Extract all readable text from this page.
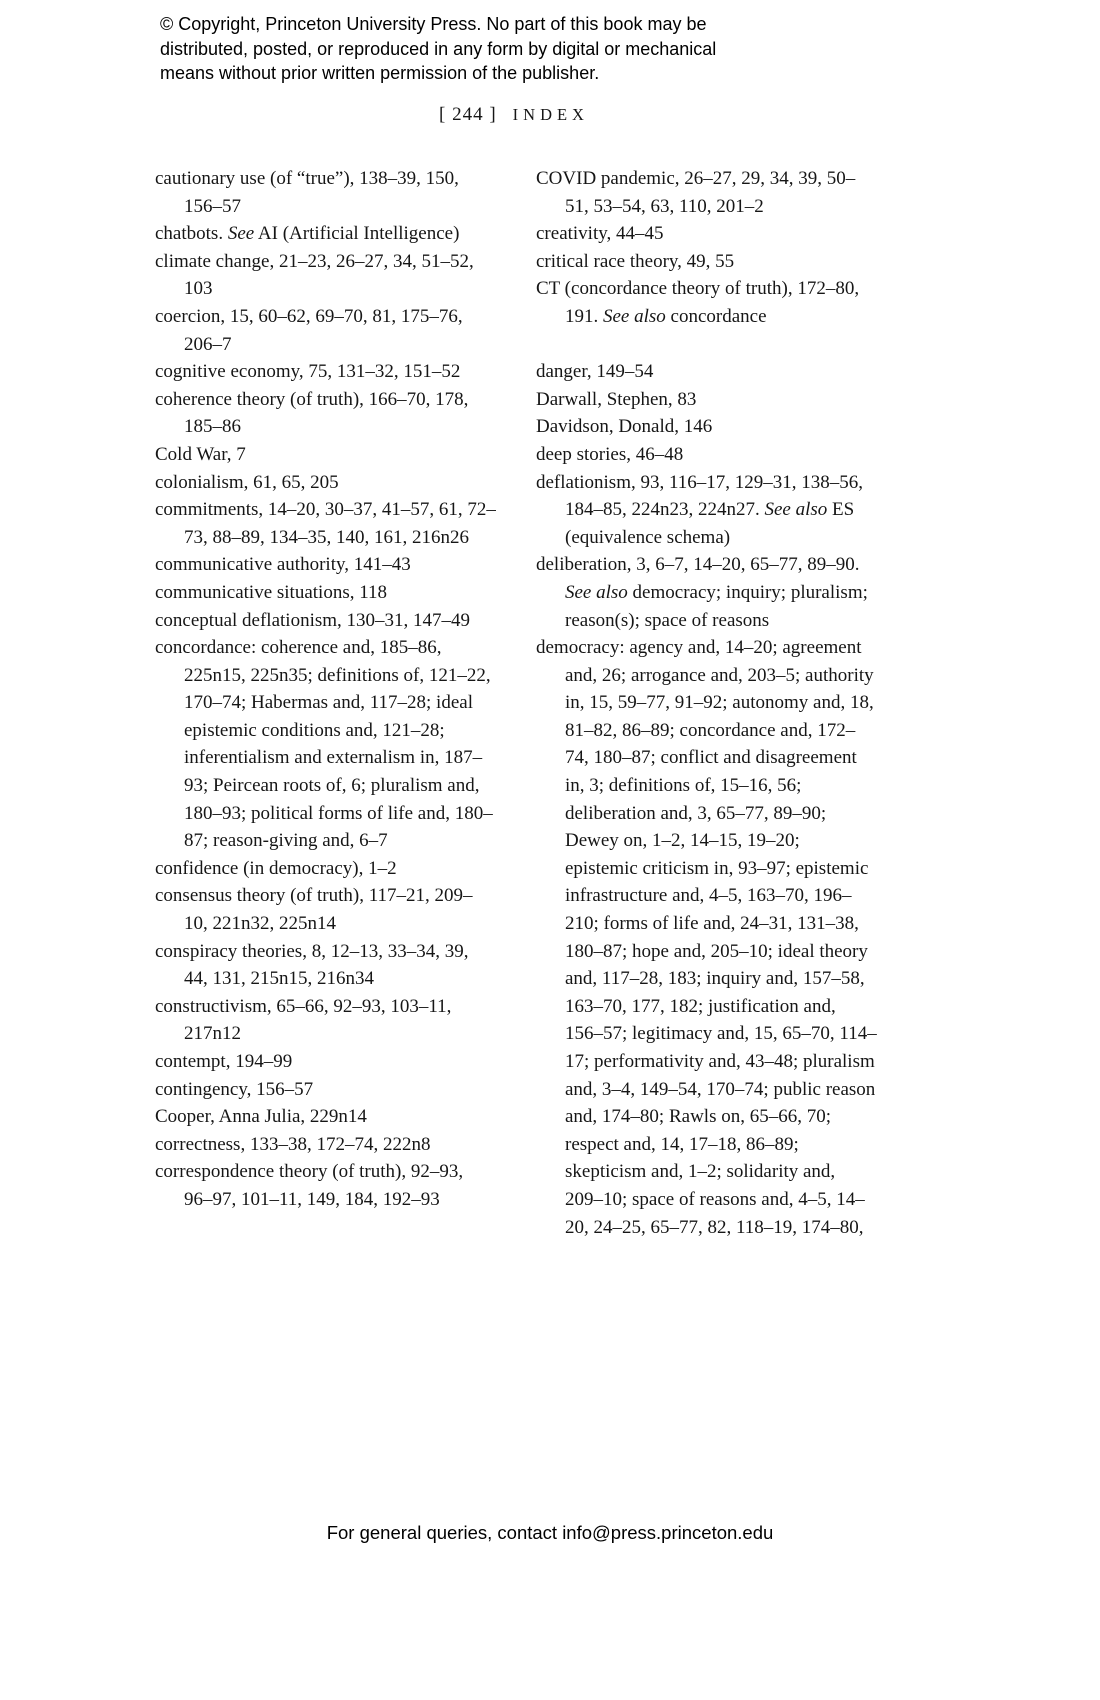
© Copyright, Princeton University Press. No part of this book may be
distributed, posted, or reproduced in any form by digital or mechanical
means without prior written permission of the publisher.
[ 244 ] INDEX
cautionary use (of “true”), 138–39, 150, 156–57
chatbots. See AI (Artificial Intelligence)
climate change, 21–23, 26–27, 34, 51–52, 103
coercion, 15, 60–62, 69–70, 81, 175–76, 206–7
cognitive economy, 75, 131–32, 151–52
coherence theory (of truth), 166–70, 178, 185–86
Cold War, 7
colonialism, 61, 65, 205
commitments, 14–20, 30–37, 41–57, 61, 72–73, 88–89, 134–35, 140, 161, 216n26
communicative authority, 141–43
communicative situations, 118
conceptual deflationism, 130–31, 147–49
concordance: coherence and, 185–86, 225n15, 225n35; definitions of, 121–22, 170–74; Habermas and, 117–28; ideal epistemic conditions and, 121–28; inferentialism and externalism in, 187–93; Peircean roots of, 6; pluralism and, 180–93; political forms of life and, 180–87; reason-giving and, 6–7
confidence (in democracy), 1–2
consensus theory (of truth), 117–21, 209–10, 221n32, 225n14
conspiracy theories, 8, 12–13, 33–34, 39, 44, 131, 215n15, 216n34
constructivism, 65–66, 92–93, 103–11, 217n12
contempt, 194–99
contingency, 156–57
Cooper, Anna Julia, 229n14
correctness, 133–38, 172–74, 222n8
correspondence theory (of truth), 92–93, 96–97, 101–11, 149, 184, 192–93
COVID pandemic, 26–27, 29, 34, 39, 50–51, 53–54, 63, 110, 201–2
creativity, 44–45
critical race theory, 49, 55
CT (concordance theory of truth), 172–80, 191. See also concordance
danger, 149–54
Darwall, Stephen, 83
Davidson, Donald, 146
deep stories, 46–48
deflationism, 93, 116–17, 129–31, 138–56, 184–85, 224n23, 224n27. See also ES (equivalence schema)
deliberation, 3, 6–7, 14–20, 65–77, 89–90. See also democracy; inquiry; pluralism; reason(s); space of reasons
democracy: agency and, 14–20; agreement and, 26; arrogance and, 203–5; authority in, 15, 59–77, 91–92; autonomy and, 18, 81–82, 86–89; concordance and, 172–74, 180–87; conflict and disagreement in, 3; definitions of, 15–16, 56; deliberation and, 3, 65–77, 89–90; Dewey on, 1–2, 14–15, 19–20; epistemic criticism in, 93–97; epistemic infrastructure and, 4–5, 163–70, 196–210; forms of life and, 24–31, 131–38, 180–87; hope and, 205–10; ideal theory and, 117–28, 183; inquiry and, 157–58, 163–70, 177, 182; justification and, 156–57; legitimacy and, 15, 65–70, 114–17; performativity and, 43–48; pluralism and, 3–4, 149–54, 170–74; public reason and, 174–80; Rawls on, 65–66, 70; respect and, 14, 17–18, 86–89; skepticism and, 1–2; solidarity and, 209–10; space of reasons and, 4–5, 14–20, 24–25, 65–77, 82, 118–19, 174–80,
For general queries, contact info@press.princeton.edu
